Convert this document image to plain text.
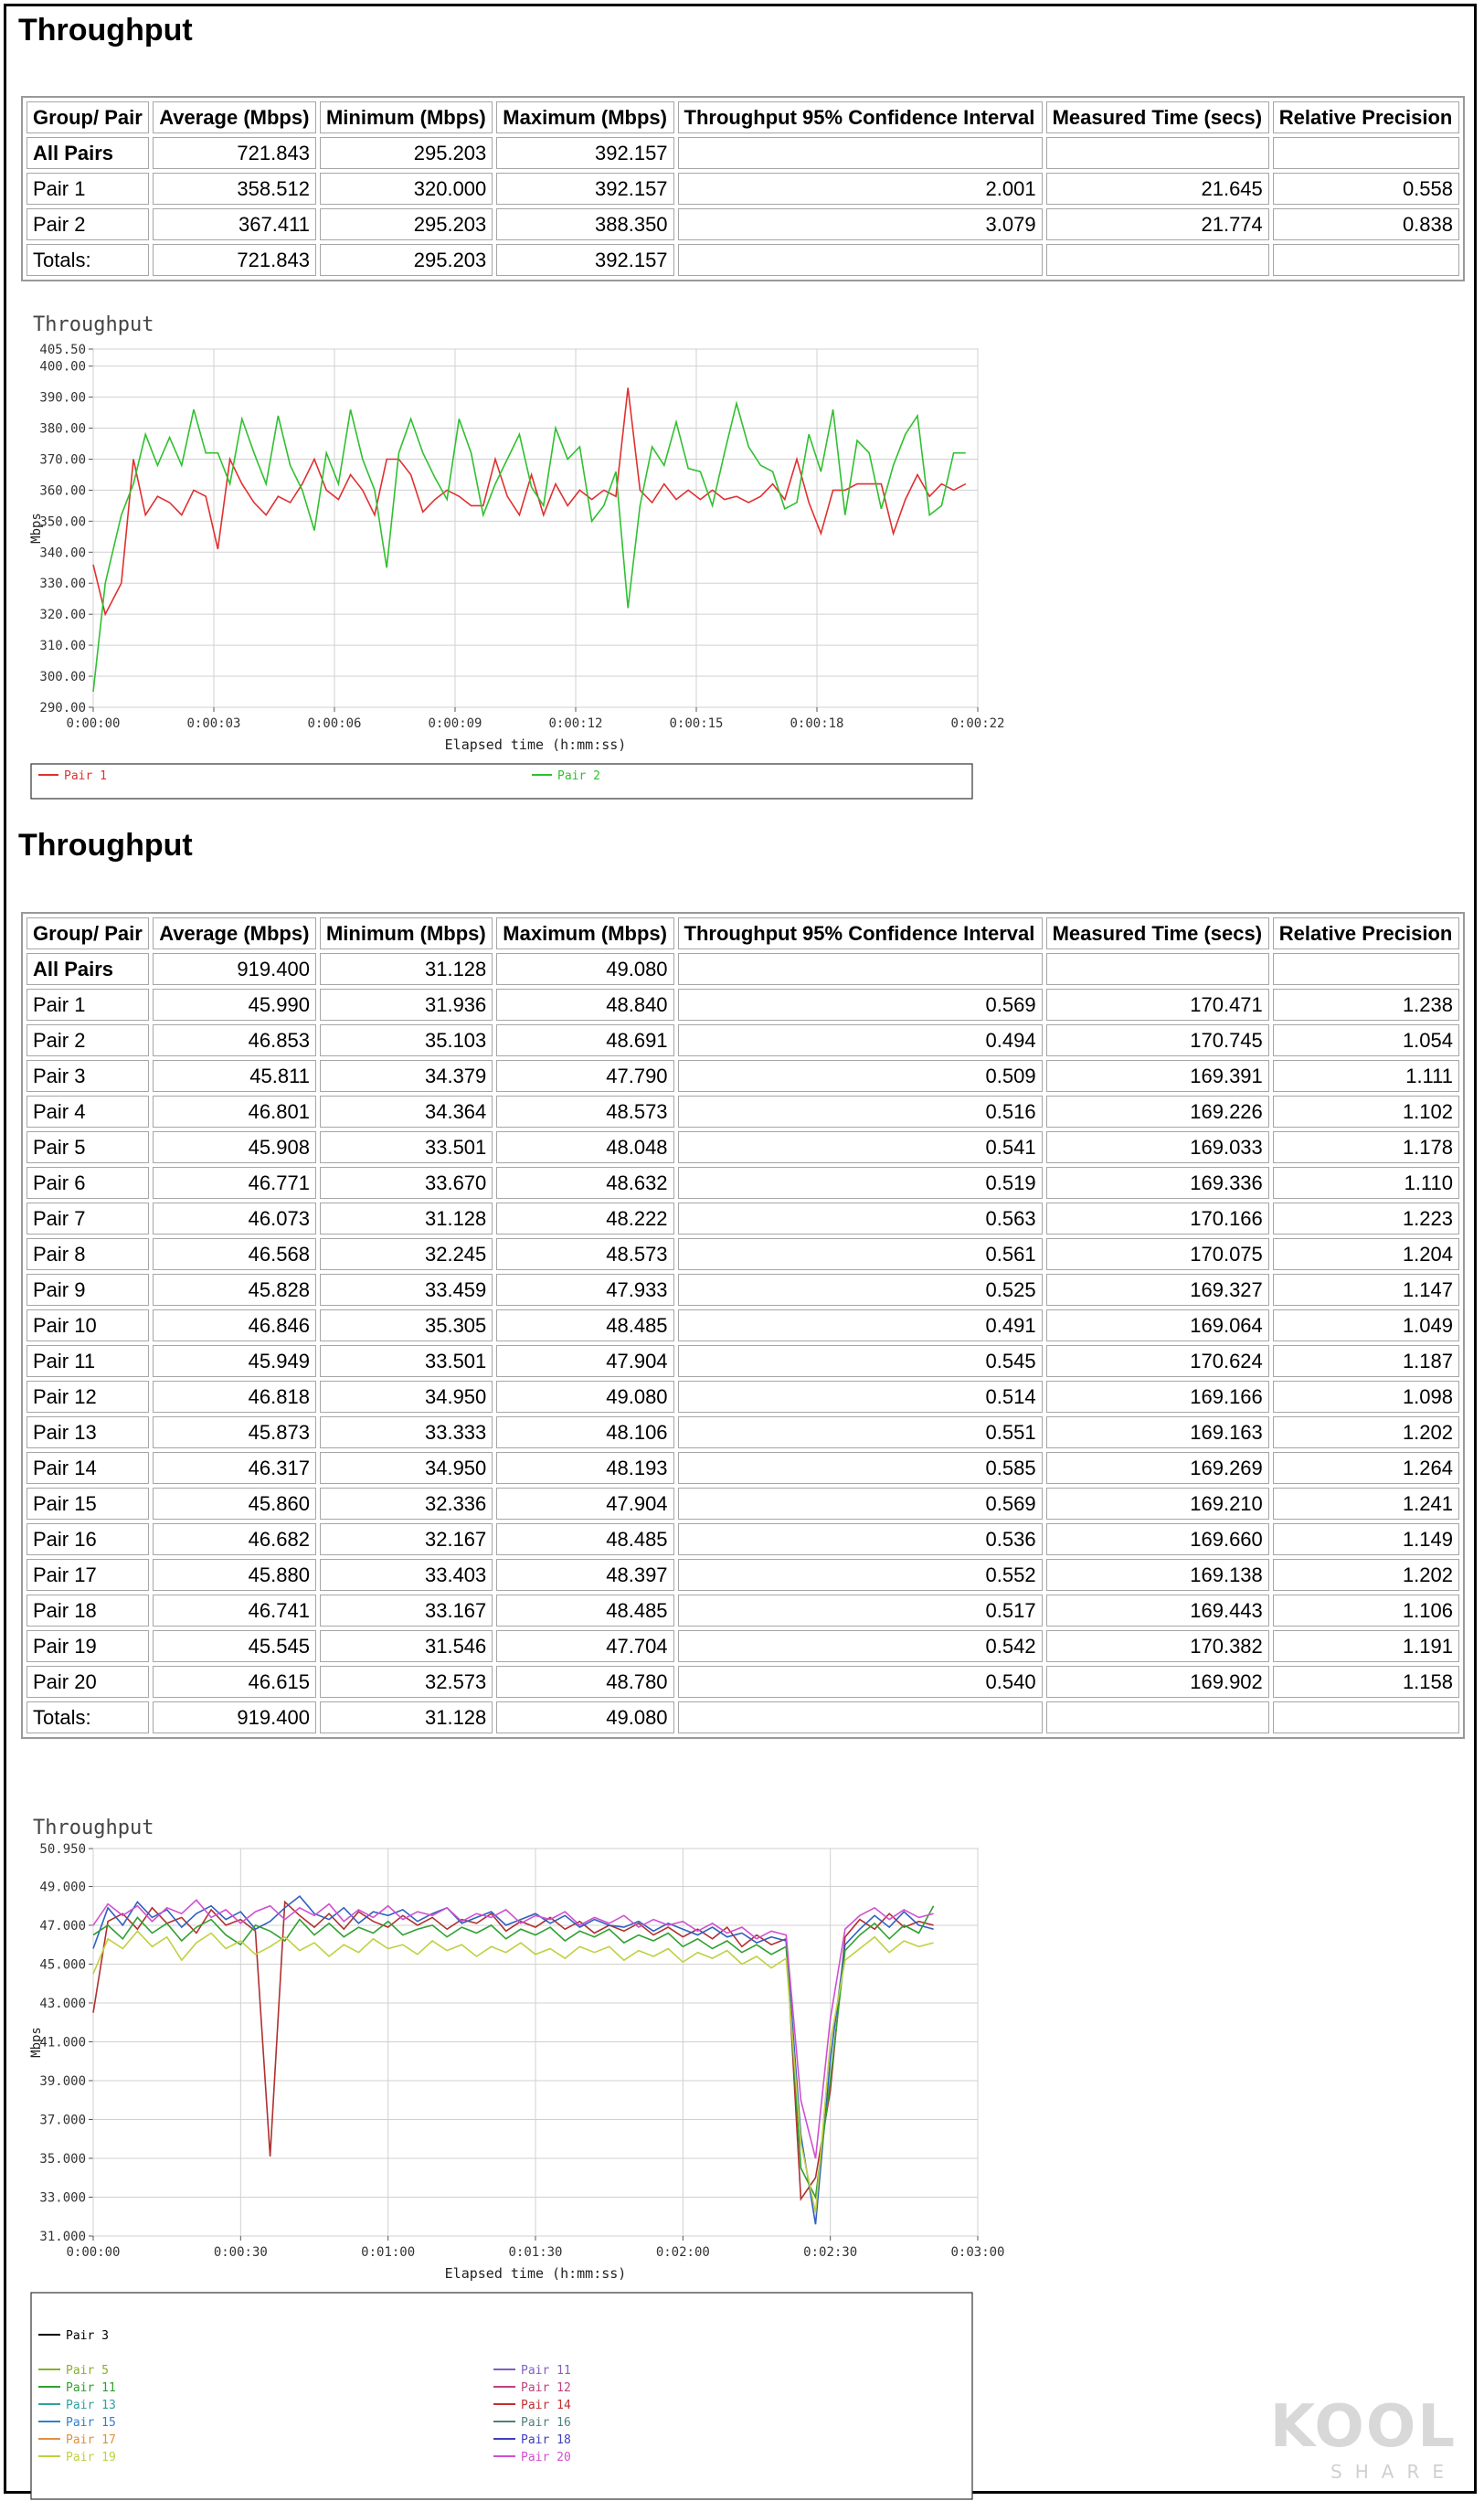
Throughput
Group/ Pair	Average (Mbps)	Minimum (Mbps)	Maximum (Mbps)	Throughput 95% Confidence Interval	Measured Time (secs)	Relative Precision
All Pairs	721.843	295.203	392.157			
Pair 1	358.512	320.000	392.157	2.001	21.645	0.558
Pair 2	367.411	295.203	388.350	3.079	21.774	0.838
Totals:	721.843	295.203	392.157			
Throughput
290.00
300.00
310.00
320.00
330.00
340.00
350.00
360.00
370.00
380.00
390.00
400.00
405.50
0:00:00	0:00:03	0:00:06	0:00:09	0:00:12	0:00:15	0:00:18	0:00:22
Elapsed time (h:mm:ss)
Mbps
Pair 1	Pair 2
Throughput
Group/ Pair	Average (Mbps)	Minimum (Mbps)	Maximum (Mbps)	Throughput 95% Confidence Interval	Measured Time (secs)	Relative Precision
All Pairs	919.400	31.128	49.080			
Pair 1	45.990	31.936	48.840	0.569	170.471	1.238
Pair 2	46.853	35.103	48.691	0.494	170.745	1.054
Pair 3	45.811	34.379	47.790	0.509	169.391	1.111
Pair 4	46.801	34.364	48.573	0.516	169.226	1.102
Pair 5	45.908	33.501	48.048	0.541	169.033	1.178
Pair 6	46.771	33.670	48.632	0.519	169.336	1.110
Pair 7	46.073	31.128	48.222	0.563	170.166	1.223
Pair 8	46.568	32.245	48.573	0.561	170.075	1.204
Pair 9	45.828	33.459	47.933	0.525	169.327	1.147
Pair 10	46.846	35.305	48.485	0.491	169.064	1.049
Pair 11	45.949	33.501	47.904	0.545	170.624	1.187
Pair 12	46.818	34.950	49.080	0.514	169.166	1.098
Pair 13	45.873	33.333	48.106	0.551	169.163	1.202
Pair 14	46.317	34.950	48.193	0.585	169.269	1.264
Pair 15	45.860	32.336	47.904	0.569	169.210	1.241
Pair 16	46.682	32.167	48.485	0.536	169.660	1.149
Pair 17	45.880	33.403	48.397	0.552	169.138	1.202
Pair 18	46.741	33.167	48.485	0.517	169.443	1.106
Pair 19	45.545	31.546	47.704	0.542	170.382	1.191
Pair 20	46.615	32.573	48.780	0.540	169.902	1.158
Totals:	919.400	31.128	49.080			
Throughput
31.000
33.000
35.000
37.000
39.000
41.000
43.000
45.000
47.000
49.000
50.950
0:00:00	0:00:30	0:01:00	0:01:30	0:02:00	0:02:30	0:03:00
Elapsed time (h:mm:ss)
Mbps
Pair 3
Pair 5
Pair 11
Pair 13
Pair 15
Pair 17
Pair 19
Pair 11
Pair 12
Pair 14
Pair 16
Pair 18
Pair 20	KOOL
SHARE
